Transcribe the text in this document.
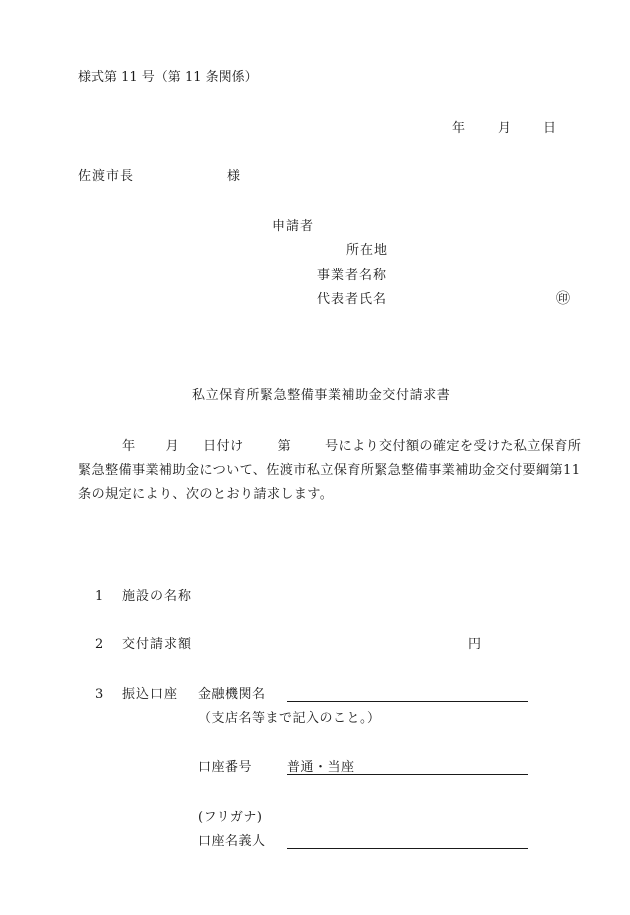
様式第 11 号（第 11 条関係）
年	月 日
佐渡市長	様
申請者
所在地
事業者名称
代表者氏名	㊞
私立保育所緊急整備事業補助金交付請求書
年 月 日付け	第	号により交付額の確定を受けた私立保育所緊急整備事業補助金について、佐渡市私立保育所緊急整備事業補助金交付要綱第11条の規定により、次のとおり請求します。
1 施設の名称
2 交付請求額	円
3 振込口座 金融機関名
（支店名等まで記入のこと。）
口座番号	普通・当座
(フリガナ)
口座名義人
